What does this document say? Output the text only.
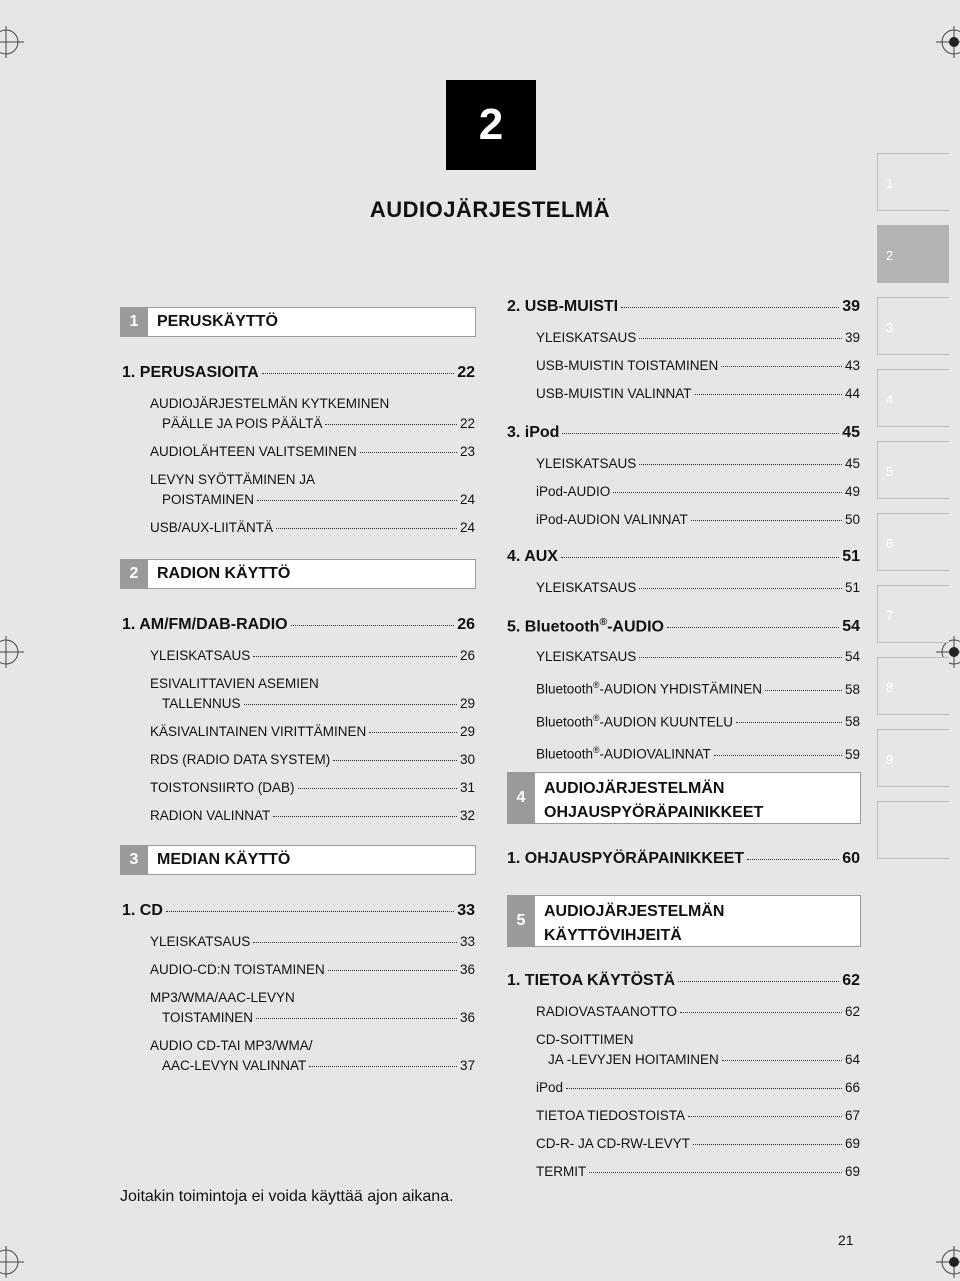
2
AUDIOJÄRJESTELMÄ
1
2
3
4
5
6
7
8
9
1	PERUSKÄYTTÖ
1. PERUSASIOITA	22
AUDIOJÄRJESTELMÄN KYTKEMINEN
PÄÄLLE JA POIS PÄÄLTÄ	22
AUDIOLÄHTEEN VALITSEMINEN	23
LEVYN SYÖTTÄMINEN JA
POISTAMINEN	24
USB/AUX-LIITÄNTÄ	24
2	RADION KÄYTTÖ
1. AM/FM/DAB-RADIO	26
YLEISKATSAUS	26
ESIVALITTAVIEN ASEMIEN
TALLENNUS	29
KÄSIVALINTAINEN VIRITTÄMINEN	29
RDS (RADIO DATA SYSTEM)	30
TOISTONSIIRTO (DAB)	31
RADION VALINNAT	32
3	MEDIAN KÄYTTÖ
1. CD	33
YLEISKATSAUS	33
AUDIO-CD:N TOISTAMINEN	36
MP3/WMA/AAC-LEVYN
TOISTAMINEN	36
AUDIO CD-TAI MP3/WMA/
AAC-LEVYN VALINNAT	37
2. USB-MUISTI	39
YLEISKATSAUS	39
USB-MUISTIN TOISTAMINEN	43
USB-MUISTIN VALINNAT	44
3. iPod	45
YLEISKATSAUS	45
iPod-AUDIO	49
iPod-AUDION VALINNAT	50
4. AUX	51
YLEISKATSAUS	51
5. Bluetooth®-AUDIO	54
YLEISKATSAUS	54
Bluetooth®-AUDION YHDISTÄMINEN	58
Bluetooth®-AUDION KUUNTELU	58
Bluetooth®-AUDIOVALINNAT	59
4
AUDIOJÄRJESTELMÄN
OHJAUSPYÖRÄPAINIKKEET
1. OHJAUSPYÖRÄPAINIKKEET	60
5
AUDIOJÄRJESTELMÄN
KÄYTTÖVIHJEITÄ
1. TIETOA KÄYTÖSTÄ	62
RADIOVASTAANOTTO	62
CD-SOITTIMEN
JA -LEVYJEN HOITAMINEN	64
iPod	66
TIETOA TIEDOSTOISTA	67
CD-R- JA CD-RW-LEVYT	69
TERMIT	69
Joitakin toimintoja ei voida käyttää ajon aikana.
21
